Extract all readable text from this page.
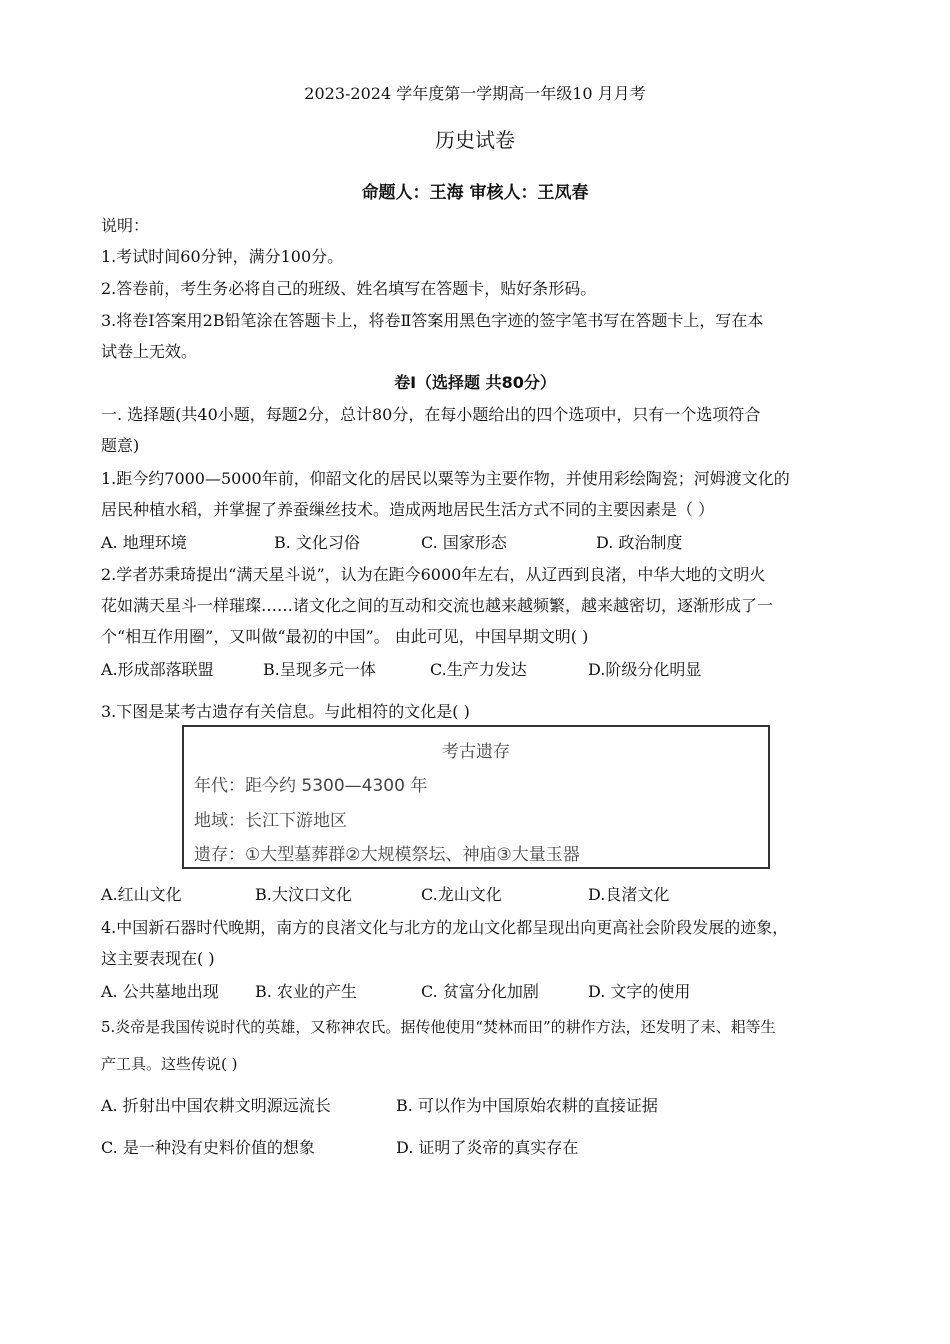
2023-2024 学年度第一学期高一年级10 月月考
历史试卷
命题人：王海 审核人：王凤春
说明：
1.考试时间60分钟，满分100分。
2.答卷前，考生务必将自己的班级、姓名填写在答题卡，贴好条形码。
3.将卷Ⅰ答案用2B铅笔涂在答题卡上，将卷Ⅱ答案用黑色字迹的签字笔书写在答题卡上，写在本
试卷上无效。
卷Ⅰ（选择题 共80分）
一. 选择题(共40小题，每题2分，总计80分，在每小题给出的四个选项中，只有一个选项符合
题意)
1.距今约7000—5000年前，仰韶文化的居民以粟等为主要作物，并使用彩绘陶瓷；河姆渡文化的
居民种植水稻，并掌握了养蚕缫丝技术。造成两地居民生活方式不同的主要因素是（ ）
A. 地理环境	B. 文化习俗	C. 国家形态	D. 政治制度
2.学者苏秉琦提出“满天星斗说”，认为在距今6000年左右，从辽西到良渚，中华大地的文明火
花如满天星斗一样璀璨……诸文化之间的互动和交流也越来越频繁，越来越密切，逐渐形成了一
个“相互作用圈”，又叫做“最初的中国”。 由此可见，中国早期文明( )
A.形成部落联盟	B.呈现多元一体	C.生产力发达	D.阶级分化明显
3.下图是某考古遗存有关信息。与此相符的文化是( )
考古遗存
年代：距今约 5300—4300 年
地域：长江下游地区
遗存：①大型墓葬群②大规模祭坛、神庙③大量玉器
A.红山文化	B.大汶口文化	C.龙山文化	D.良渚文化
4.中国新石器时代晚期，南方的良渚文化与北方的龙山文化都呈现出向更高社会阶段发展的迹象，
这主要表现在( )
A. 公共墓地出现 B. 农业的产生	C. 贫富分化加剧	D. 文字的使用
5.炎帝是我国传说时代的英雄，又称神农氏。据传他使用“焚林而田”的耕作方法，还发明了耒、耜等生
产工具。这些传说( )
A. 折射出中国农耕文明源远流长	B. 可以作为中国原始农耕的直接证据
C. 是一种没有史料价值的想象	D. 证明了炎帝的真实存在
